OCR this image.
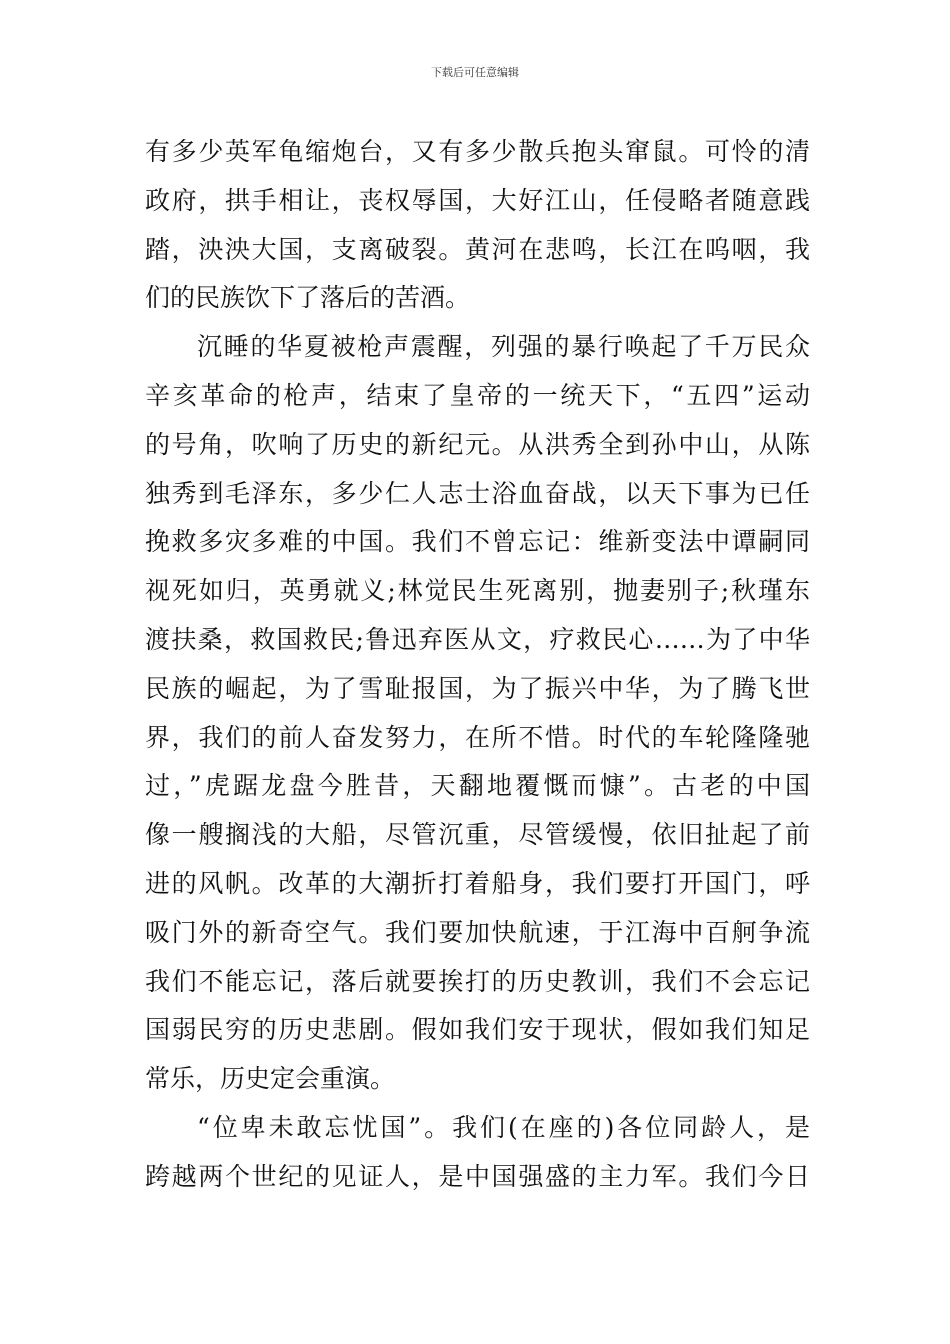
下载后可任意编辑
有多少英军龟缩炮台，又有多少散兵抱头窜鼠。可怜的清
政府，拱手相让，丧权辱国，大好江山，任侵略者随意践
踏，泱泱大国，支离破裂。黄河在悲鸣，长江在呜咽，我
们的民族饮下了落后的苦酒。
沉睡的华夏被枪声震醒，列强的暴行唤起了千万民众
辛亥革命的枪声，结束了皇帝的一统天下，“五四”运动
的号角，吹响了历史的新纪元。从洪秀全到孙中山，从陈
独秀到毛泽东，多少仁人志士浴血奋战，以天下事为已任
挽救多灾多难的中国。我们不曾忘记：维新变法中谭嗣同
视死如归，英勇就义;林觉民生死离别，抛妻别子;秋瑾东
渡扶桑，救国救民;鲁迅弃医从文，疗救民心……为了中华
民族的崛起，为了雪耻报国，为了振兴中华，为了腾飞世
界，我们的前人奋发努力，在所不惜。时代的车轮隆隆驰
过，”虎踞龙盘今胜昔，天翻地覆慨而慷”。古老的中国
像一艘搁浅的大船，尽管沉重，尽管缓慢，依旧扯起了前
进的风帆。改革的大潮折打着船身，我们要打开国门，呼
吸门外的新奇空气。我们要加快航速，于江海中百舸争流
我们不能忘记，落后就要挨打的历史教训，我们不会忘记
国弱民穷的历史悲剧。假如我们安于现状，假如我们知足
常乐，历史定会重演。
“位卑未敢忘忧国”。我们(在座的)各位同龄人，是
跨越两个世纪的见证人，是中国强盛的主力军。我们今日
